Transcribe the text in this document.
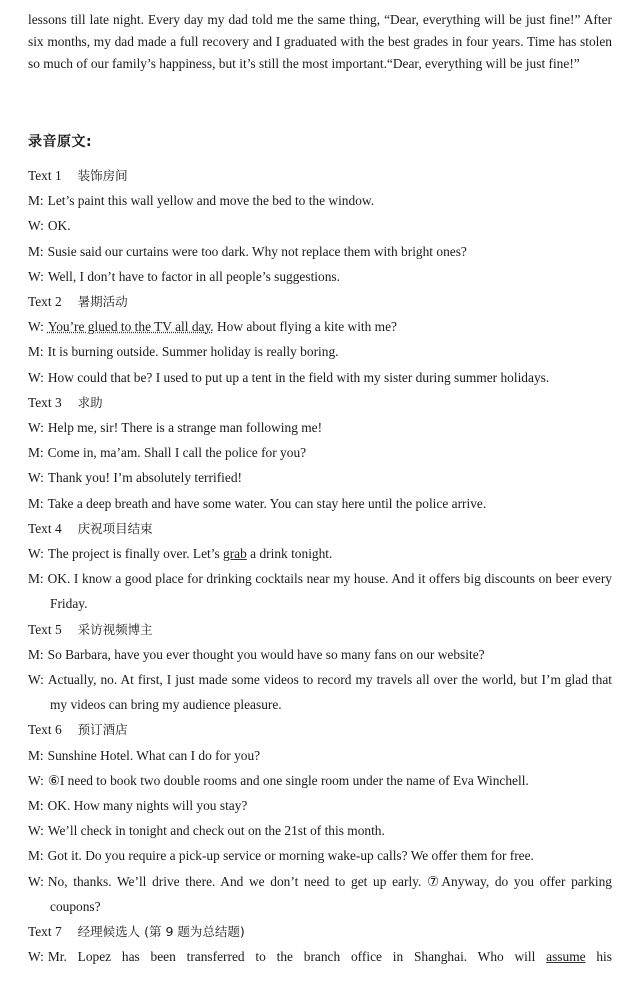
lessons till late night. Every day my dad told me the same thing, “Dear, everything will be just fine!” After six months, my dad made a full recovery and I graduated with the best grades in four years. Time has stolen so much of our family’s happiness, but it’s still the most important.“Dear, everything will be just fine!”
录音原文:
Text 1 装饰房间
M: Let’s paint this wall yellow and move the bed to the window.
W: OK.
M: Susie said our curtains were too dark. Why not replace them with bright ones?
W: Well, I don’t have to factor in all people’s suggestions.
Text 2 暑期活动
W: You’re glued to the TV all day. How about flying a kite with me?
M: It is burning outside. Summer holiday is really boring.
W: How could that be? I used to put up a tent in the field with my sister during summer holidays.
Text 3 求助
W: Help me, sir! There is a strange man following me!
M: Come in, ma’am. Shall I call the police for you?
W: Thank you! I’m absolutely terrified!
M: Take a deep breath and have some water. You can stay here until the police arrive.
Text 4 庆祝项目结束
W: The project is finally over. Let’s grab a drink tonight.
M: OK. I know a good place for drinking cocktails near my house. And it offers big discounts on beer every Friday.
Text 5 采访视频博主
M: So Barbara, have you ever thought you would have so many fans on our website?
W: Actually, no. At first, I just made some videos to record my travels all over the world, but I’m glad that my videos can bring my audience pleasure.
Text 6 预订酒店
M: Sunshine Hotel. What can I do for you?
W: ⑥I need to book two double rooms and one single room under the name of Eva Winchell.
M: OK. How many nights will you stay?
W: We’ll check in tonight and check out on the 21st of this month.
M: Got it. Do you require a pick-up service or morning wake-up calls? We offer them for free.
W: No, thanks. We’ll drive there. And we don’t need to get up early. ⑦Anyway, do you offer parking coupons?
Text 7 经理候选人 (第 9 题为总结题)
W: Mr. Lopez has been transferred to the branch office in Shanghai. Who will assume his
